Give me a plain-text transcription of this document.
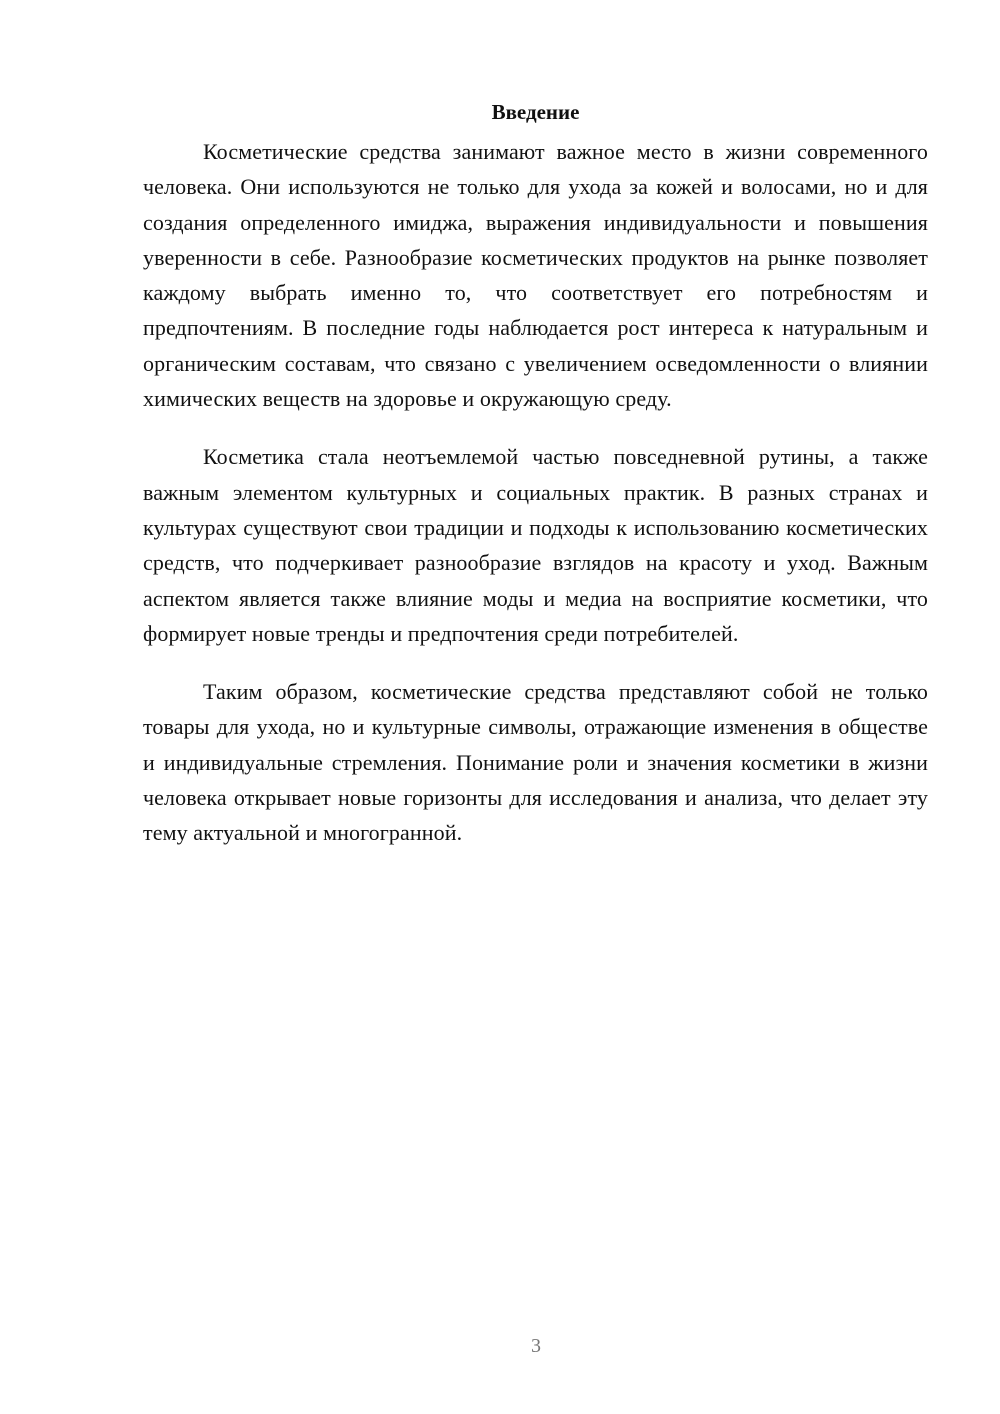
Введение

Косметические средства занимают важное место в жизни современного человека. Они используются не только для ухода за кожей и волосами, но и для создания определенного имиджа, выражения индивидуальности и повышения уверенности в себе. Разнообразие косметических продуктов на рынке позволяет каждому выбрать именно то, что соответствует его потребностям и предпочтениям. В последние годы наблюдается рост интереса к натуральным и органическим составам, что связано с увеличением осведомленности о влиянии химических веществ на здоровье и окружающую среду.

Косметика стала неотъемлемой частью повседневной рутины, а также важным элементом культурных и социальных практик. В разных странах и культурах существуют свои традиции и подходы к использованию косметических средств, что подчеркивает разнообразие взглядов на красоту и уход. Важным аспектом является также влияние моды и медиа на восприятие косметики, что формирует новые тренды и предпочтения среди потребителей.

Таким образом, косметические средства представляют собой не только товары для ухода, но и культурные символы, отражающие изменения в обществе и индивидуальные стремления. Понимание роли и значения косметики в жизни человека открывает новые горизонты для исследования и анализа, что делает эту тему актуальной и многогранной.

3
